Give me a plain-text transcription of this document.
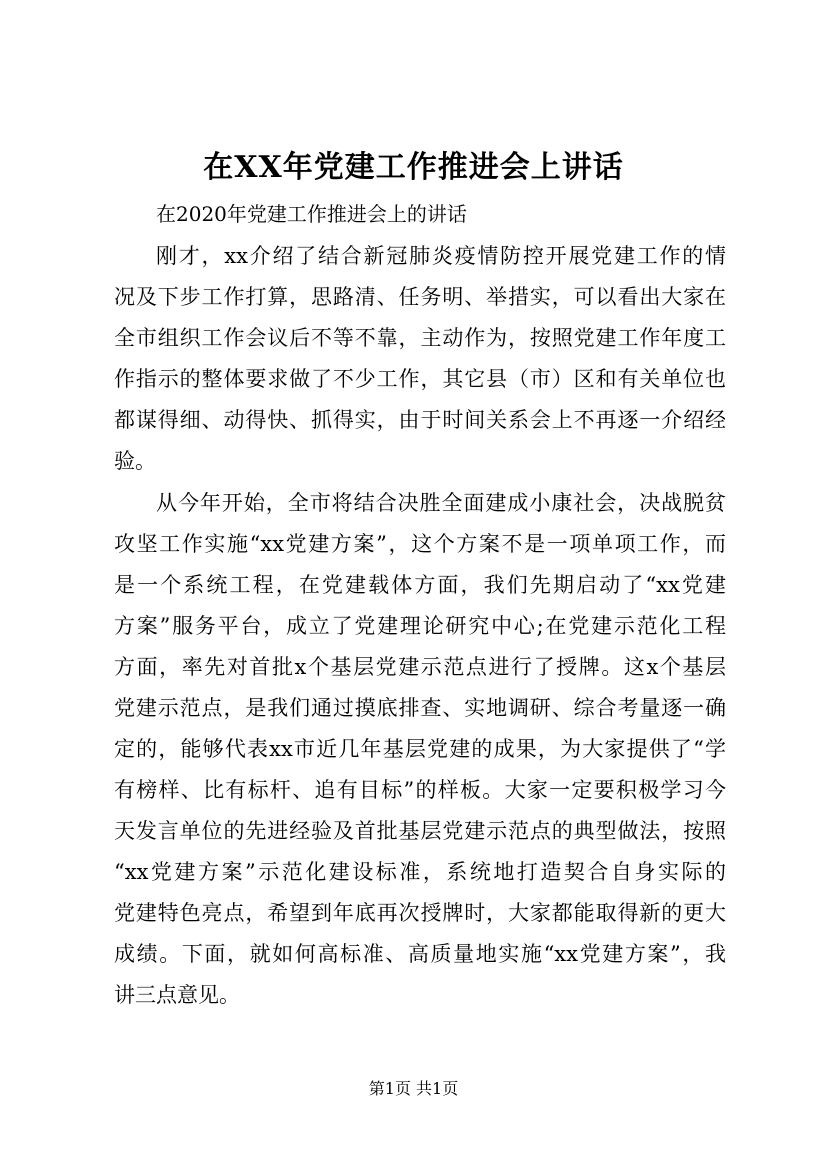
在XX年党建工作推进会上讲话

在2020年党建工作推进会上的讲话

刚才，xx介绍了结合新冠肺炎疫情防控开展党建工作的情
况及下步工作打算，思路清、任务明、举措实，可以看出大家在
全市组织工作会议后不等不靠，主动作为，按照党建工作年度工
作指示的整体要求做了不少工作，其它县（市）区和有关单位也
都谋得细、动得快、抓得实，由于时间关系会上不再逐一介绍经
验。
从今年开始，全市将结合决胜全面建成小康社会，决战脱贫
攻坚工作实施“xx党建方案”，这个方案不是一项单项工作，而
是一个系统工程，在党建载体方面，我们先期启动了“xx党建
方案”服务平台，成立了党建理论研究中心;在党建示范化工程
方面，率先对首批x个基层党建示范点进行了授牌。这x个基层
党建示范点，是我们通过摸底排查、实地调研、综合考量逐一确
定的，能够代表xx市近几年基层党建的成果，为大家提供了“学
有榜样、比有标杆、追有目标”的样板。大家一定要积极学习今
天发言单位的先进经验及首批基层党建示范点的典型做法，按照
“xx党建方案”示范化建设标准，系统地打造契合自身实际的
党建特色亮点，希望到年底再次授牌时，大家都能取得新的更大
成绩。下面，就如何高标准、高质量地实施“xx党建方案”，我
讲三点意见。

第1页 共1页
